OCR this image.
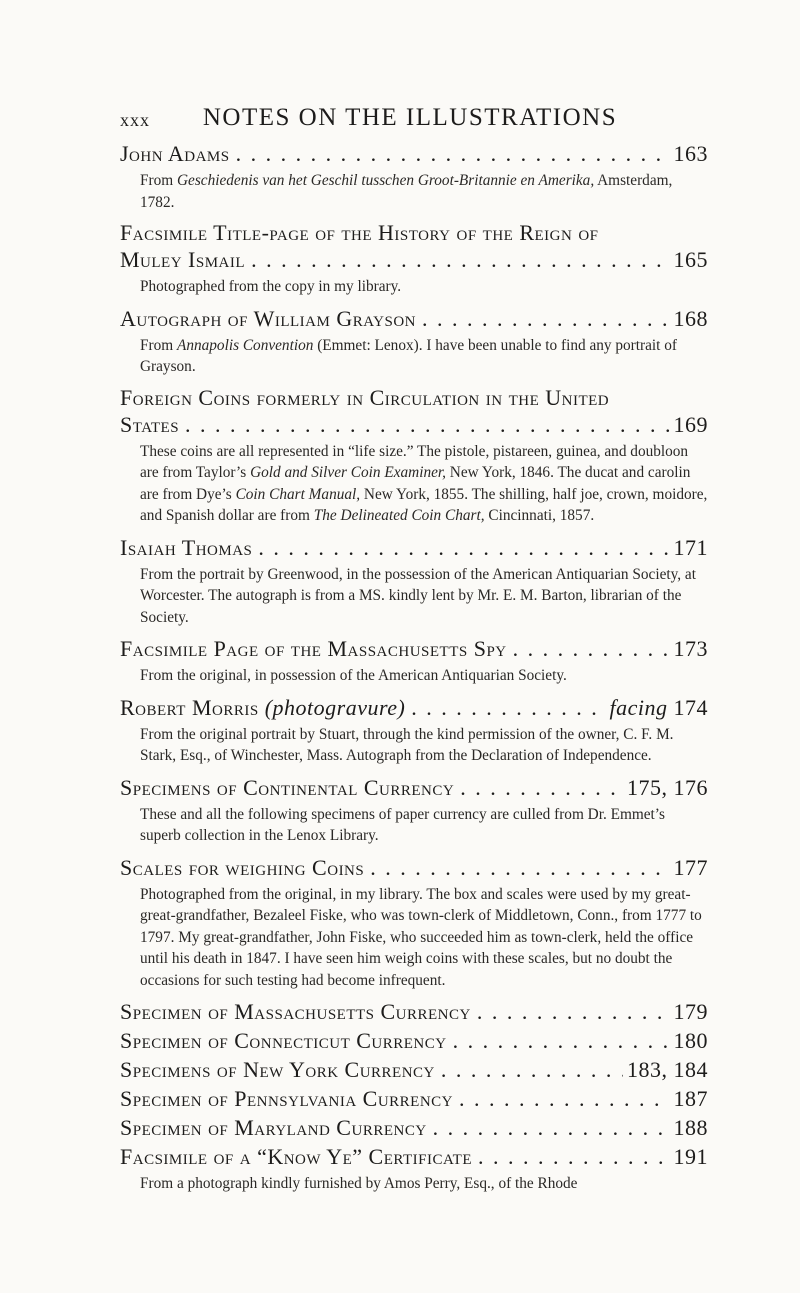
xxx	NOTES ON THE ILLUSTRATIONS
John Adams . . .	163
From Geschiedenis van het Geschil tusschen Groot-Britannie en Amerika, Amsterdam, 1782.
Facsimile Title-page of the History of the Reign of
Muley Ismail . . .	165
Photographed from the copy in my library.
Autograph of William Grayson . . .	168
From Annapolis Convention (Emmet: Lenox). I have been unable to find any portrait of Grayson.
Foreign Coins formerly in Circulation in the United
States . . .	169
These coins are all represented in “life size.” The pistole, pistareen, guinea, and doubloon are from Taylor’s Gold and Silver Coin Examiner, New York, 1846. The ducat and carolin are from Dye’s Coin Chart Manual, New York, 1855. The shilling, half joe, crown, moidore, and Spanish dollar are from The Delineated Coin Chart, Cincinnati, 1857.
Isaiah Thomas . . .	171
From the portrait by Greenwood, in the possession of the American Antiquarian Society, at Worcester. The autograph is from a MS. kindly lent by Mr. E. M. Barton, librarian of the Society.
Facsimile Page of the Massachusetts Spy . . .	173
From the original, in possession of the American Antiquarian Society.
Robert Morris (photogravure) . . .	facing 174
From the original portrait by Stuart, through the kind permission of the owner, C. F. M. Stark, Esq., of Winchester, Mass. Autograph from the Declaration of Independence.
Specimens of Continental Currency . . .	175, 176
These and all the following specimens of paper currency are culled from Dr. Emmet’s superb collection in the Lenox Library.
Scales for weighing Coins . . .	177
Photographed from the original, in my library. The box and scales were used by my great-great-grandfather, Bezaleel Fiske, who was town-clerk of Middletown, Conn., from 1777 to 1797. My great-grandfather, John Fiske, who succeeded him as town-clerk, held the office until his death in 1847. I have seen him weigh coins with these scales, but no doubt the occasions for such testing had become infrequent.
Specimen of Massachusetts Currency . . .	179
Specimen of Connecticut Currency . . .	180
Specimens of New York Currency . . .	183, 184
Specimen of Pennsylvania Currency . . .	187
Specimen of Maryland Currency . . .	188
Facsimile of a “Know Ye” Certificate . . .	191
From a photograph kindly furnished by Amos Perry, Esq., of the Rhode
